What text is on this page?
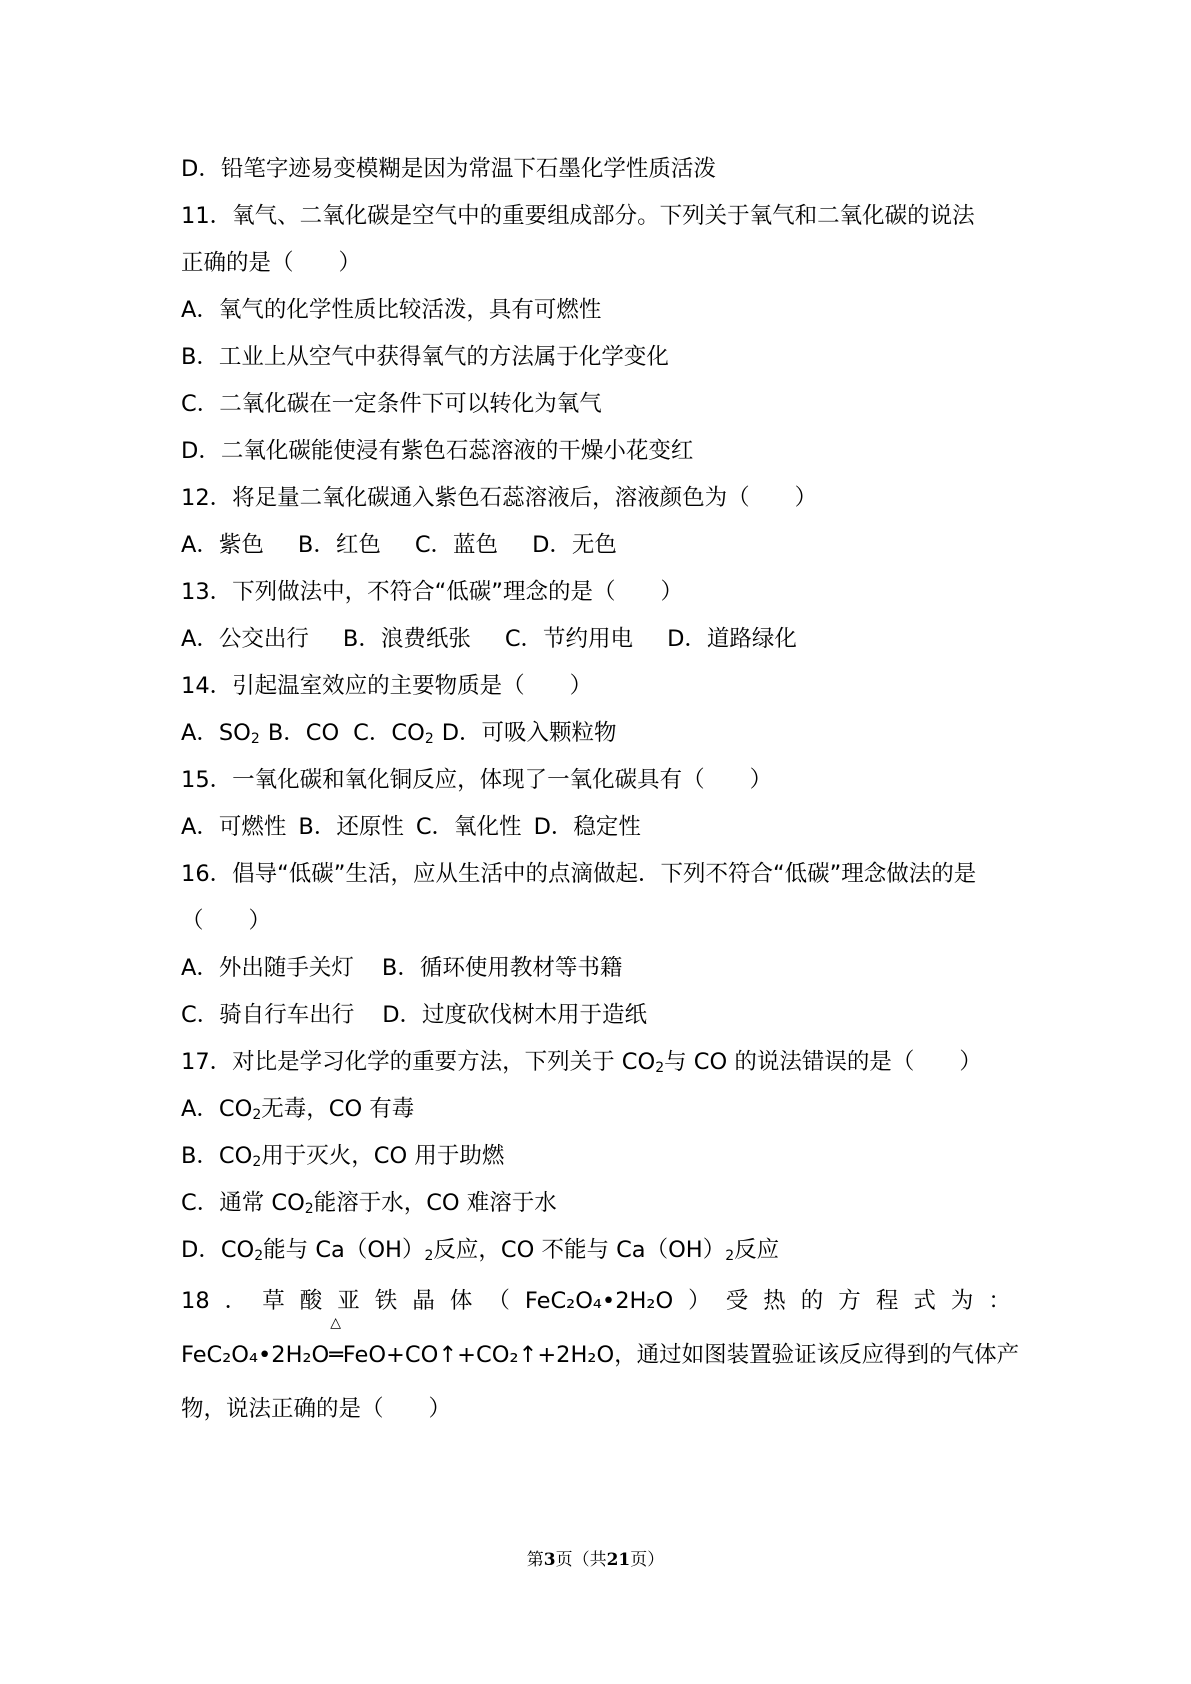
D．铅笔字迹易变模糊是因为常温下石墨化学性质活泼
11．氧气、二氧化碳是空气中的重要组成部分。下列关于氧气和二氧化碳的说法
正确的是（　　）
A．氧气的化学性质比较活泼，具有可燃性
B．工业上从空气中获得氧气的方法属于化学变化
C．二氧化碳在一定条件下可以转化为氧气
D．二氧化碳能使浸有紫色石蕊溶液的干燥小花变红
12．将足量二氧化碳通入紫色石蕊溶液后，溶液颜色为（　　）
A．紫色 B．红色 C．蓝色 D．无色
13．下列做法中，不符合“低碳”理念的是（　　）
A．公交出行 B．浪费纸张 C．节约用电 D．道路绿化
14．引起温室效应的主要物质是（　　）
A．$SO_2$ B．CO C．$CO_2$ D．可吸入颗粒物
15．一氧化碳和氧化铜反应，体现了一氧化碳具有（　　）
A．可燃性 B．还原性 C．氧化性 D．稳定性
16．倡导“低碳”生活，应从生活中的点滴做起．下列不符合“低碳”理念做法的是
（　　）
A．外出随手关灯 B．循环使用教材等书籍
C．骑自行车出行 D．过度砍伐树木用于造纸
17．对比是学习化学的重要方法，下列关于 $CO_2$与 CO 的说法错误的是（　　）
A．$CO_2$无毒，CO 有毒
B．$CO_2$用于灭火，CO 用于助燃
C．通常 $CO_2$能溶于水，CO 难溶于水
D．$CO_2$能与 $Ca(OH)_2$反应，CO 不能与 $Ca(OH)_2$反应
18 ． 草 酸 亚 铁 晶 体 （ FeC₂O₄•2H₂O ） 受 热 的 方 程 式 为 ：
FeC₂O₄•2H₂O
△
═FeO+CO↑+CO₂↑+2H₂O，通过如图装置验证该反应得到的气体产
物，说法正确的是（　　）
第3页（共21页）
